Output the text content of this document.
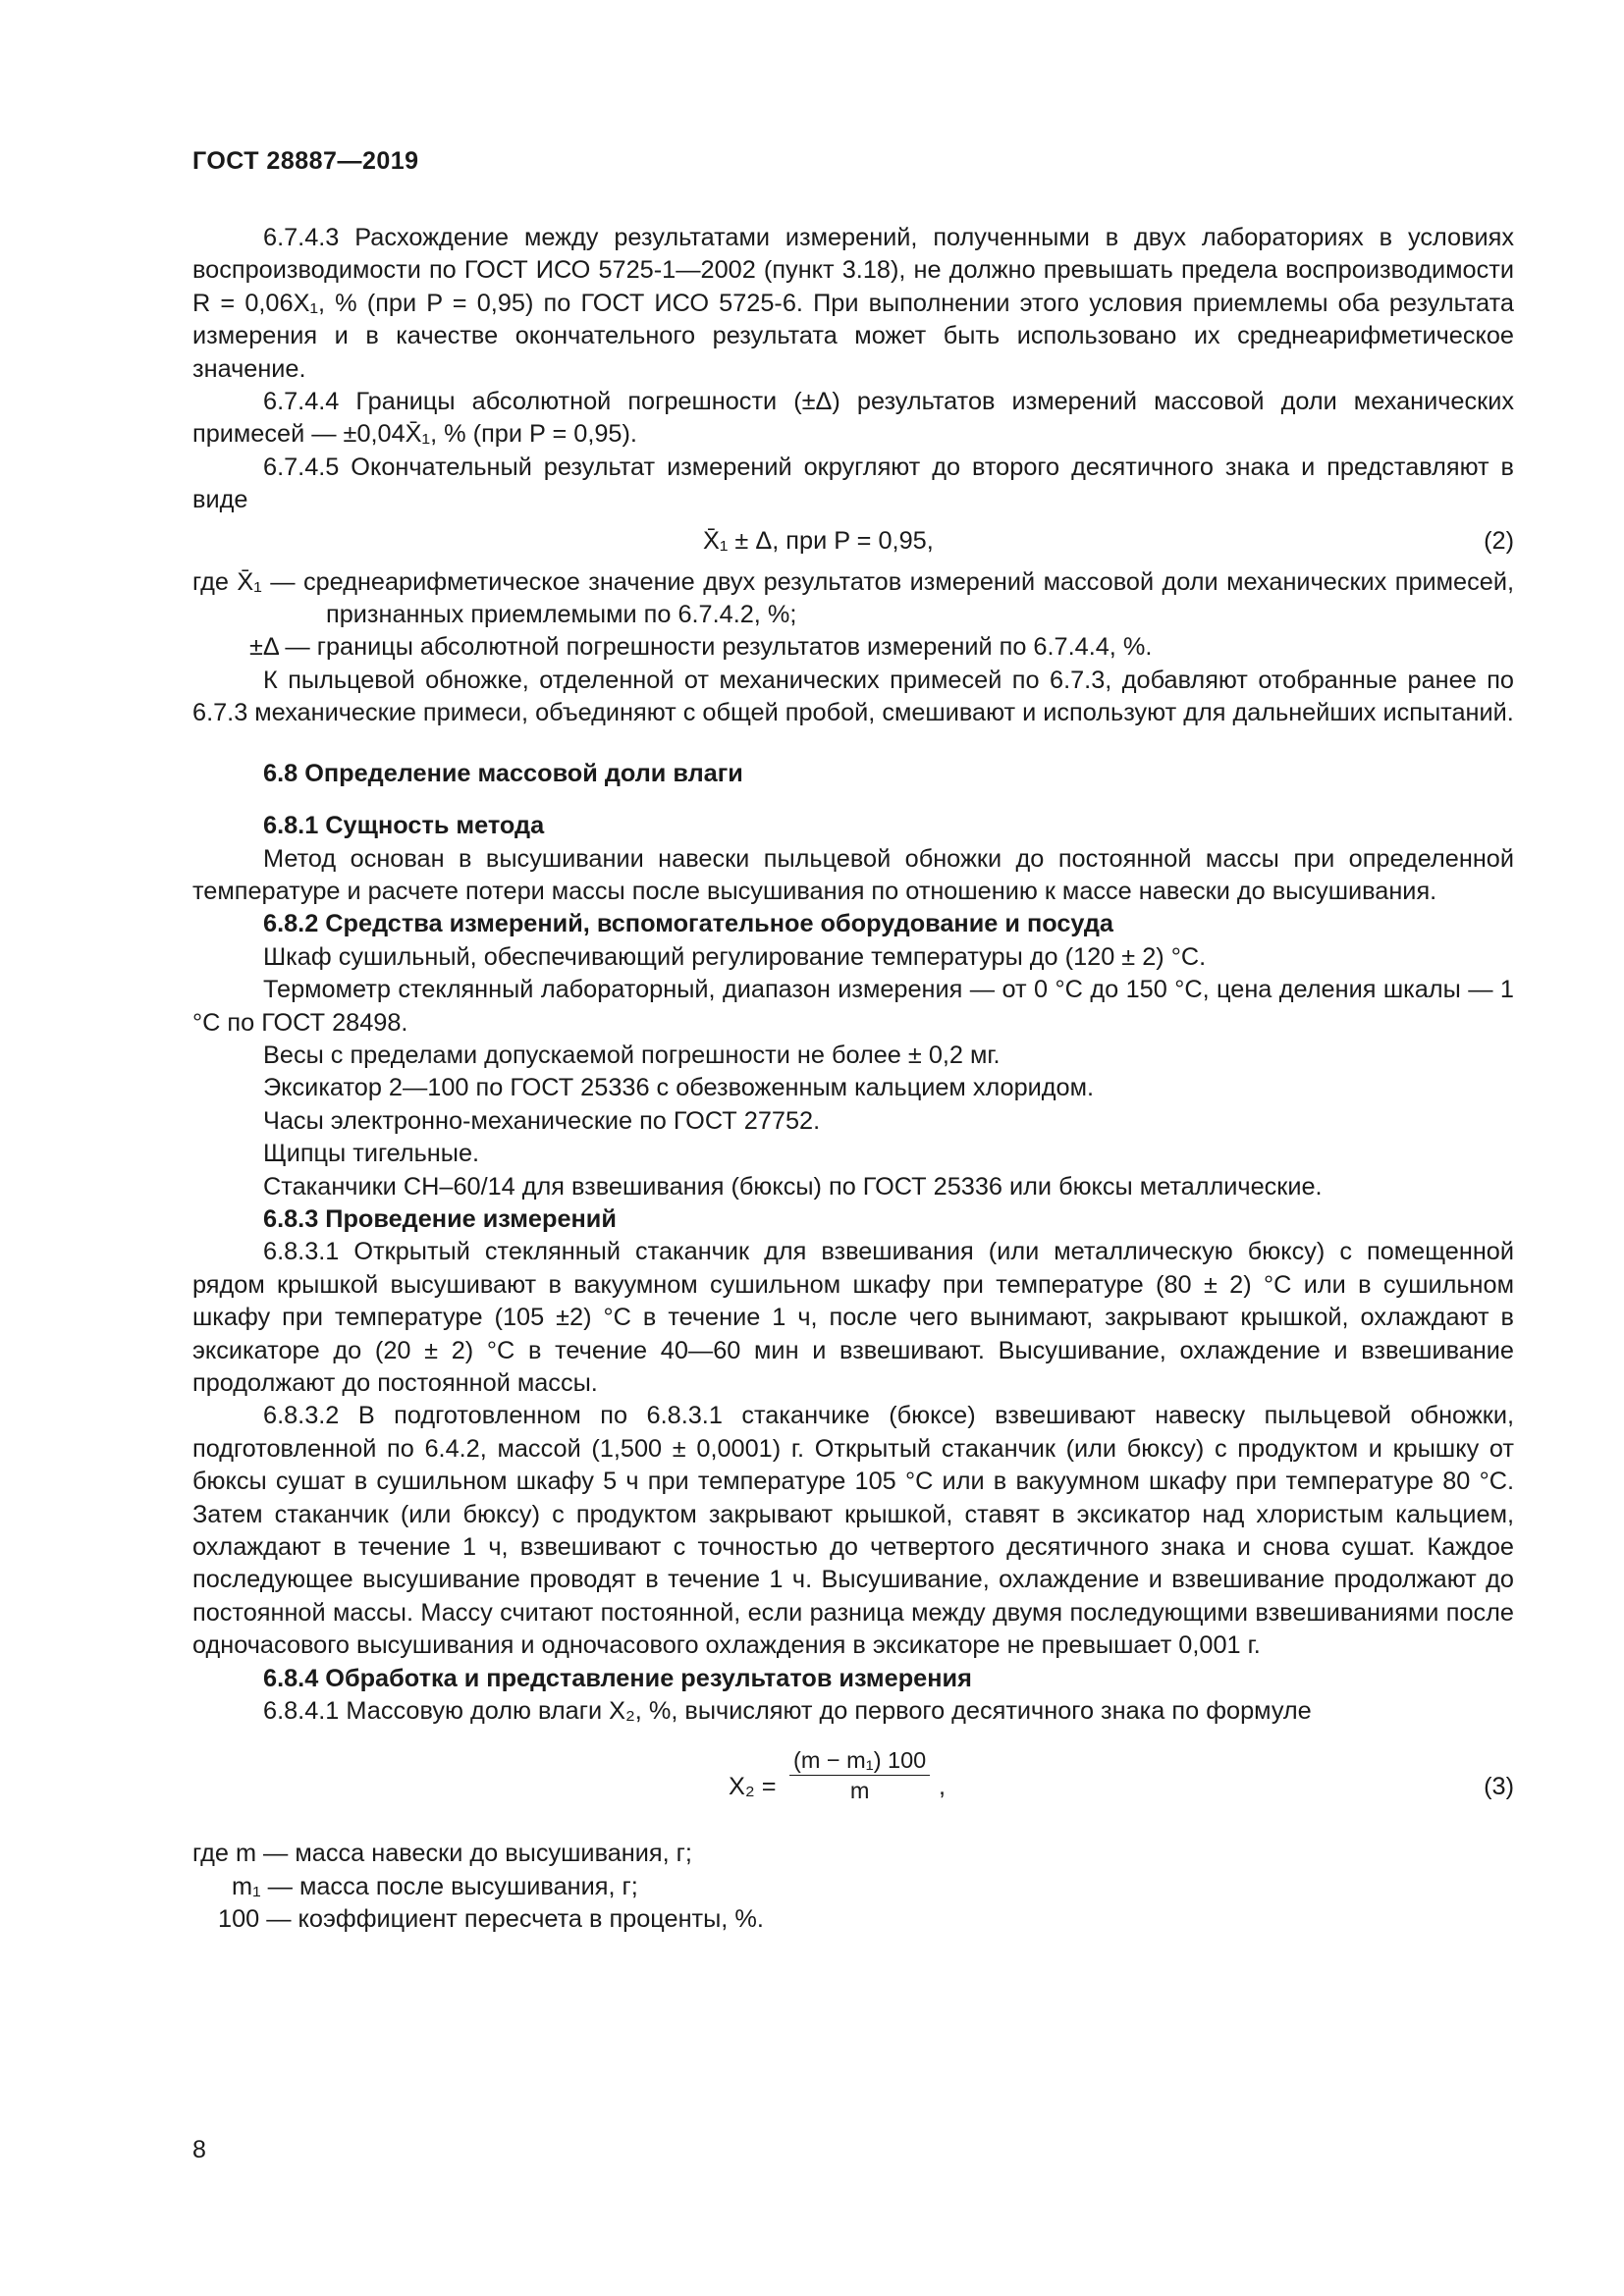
ГОСТ 28887—2019

6.7.4.3 Расхождение между результатами измерений, полученными в двух лабораториях в условиях воспроизводимости по ГОСТ ИСО 5725-1—2002 (пункт 3.18), не должно превышать предела воспроизводимости R = 0,06X₁, % (при P = 0,95) по ГОСТ ИСО 5725-6. При выполнении этого условия приемлемы оба результата измерения и в качестве окончательного результата может быть использовано их среднеарифметическое значение.

6.7.4.4 Границы абсолютной погрешности (±Δ) результатов измерений массовой доли механических примесей — ±0,04X̄₁, % (при P = 0,95).

6.7.4.5 Окончательный результат измерений округляют до второго десятичного знака и представляют в виде

X̄₁ ± Δ, при P = 0,95,	(2)

где X̄₁ — среднеарифметическое значение двух результатов измерений массовой доли механических примесей, признанных приемлемыми по 6.7.4.2, %;

±Δ — границы абсолютной погрешности результатов измерений по 6.7.4.4, %.

К пыльцевой обножке, отделенной от механических примесей по 6.7.3, добавляют отобранные ранее по 6.7.3 механические примеси, объединяют с общей пробой, смешивают и используют для дальнейших испытаний.

6.8 Определение массовой доли влаги

6.8.1 Сущность метода

Метод основан в высушивании навески пыльцевой обножки до постоянной массы при определенной температуре и расчете потери массы после высушивания по отношению к массе навески до высушивания.

6.8.2 Средства измерений, вспомогательное оборудование и посуда

Шкаф сушильный, обеспечивающий регулирование температуры до (120 ± 2) °С.

Термометр стеклянный лабораторный, диапазон измерения — от 0 °С до 150 °С, цена деления шкалы — 1 °С по ГОСТ 28498.

Весы с пределами допускаемой погрешности не более ± 0,2 мг.

Эксикатор 2—100 по ГОСТ 25336 с обезвоженным кальцием хлоридом.

Часы электронно-механические по ГОСТ 27752.

Щипцы тигельные.

Стаканчики СН–60/14 для взвешивания (бюксы) по ГОСТ 25336 или бюксы металлические.

6.8.3 Проведение измерений

6.8.3.1 Открытый стеклянный стаканчик для взвешивания (или металлическую бюксу) с помещенной рядом крышкой высушивают в вакуумном сушильном шкафу при температуре (80 ± 2) °С или в сушильном шкафу при температуре (105 ±2) °С в течение 1 ч, после чего вынимают, закрывают крышкой, охлаждают в эксикаторе до (20 ± 2) °С в течение 40—60 мин и взвешивают. Высушивание, охлаждение и взвешивание продолжают до постоянной массы.

6.8.3.2 В подготовленном по 6.8.3.1 стаканчике (бюксе) взвешивают навеску пыльцевой обножки, подготовленной по 6.4.2, массой (1,500 ± 0,0001) г. Открытый стаканчик (или бюксу) с продуктом и крышку от бюксы сушат в сушильном шкафу 5 ч при температуре 105 °С или в вакуумном шкафу при температуре 80 °С. Затем стаканчик (или бюксу) с продуктом закрывают крышкой, ставят в эксикатор над хлористым кальцием, охлаждают в течение 1 ч, взвешивают с точностью до четвертого десятичного знака и снова сушат. Каждое последующее высушивание проводят в течение 1 ч. Высушивание, охлаждение и взвешивание продолжают до постоянной массы. Массу считают постоянной, если разница между двумя последующими взвешиваниями после одночасового высушивания и одночасового охлаждения в эксикаторе не превышает 0,001 г.

6.8.4 Обработка и представление результатов измерения

6.8.4.1 Массовую долю влаги X₂, %, вычисляют до первого десятичного знака по формуле

$X_2 = \frac{\text{(m − m₁) 100}}{m}$ ,	(3)

где m — масса навески до высушивания, г;

m₁ — масса после высушивания, г;

100 — коэффициент пересчета в проценты, %.

8
